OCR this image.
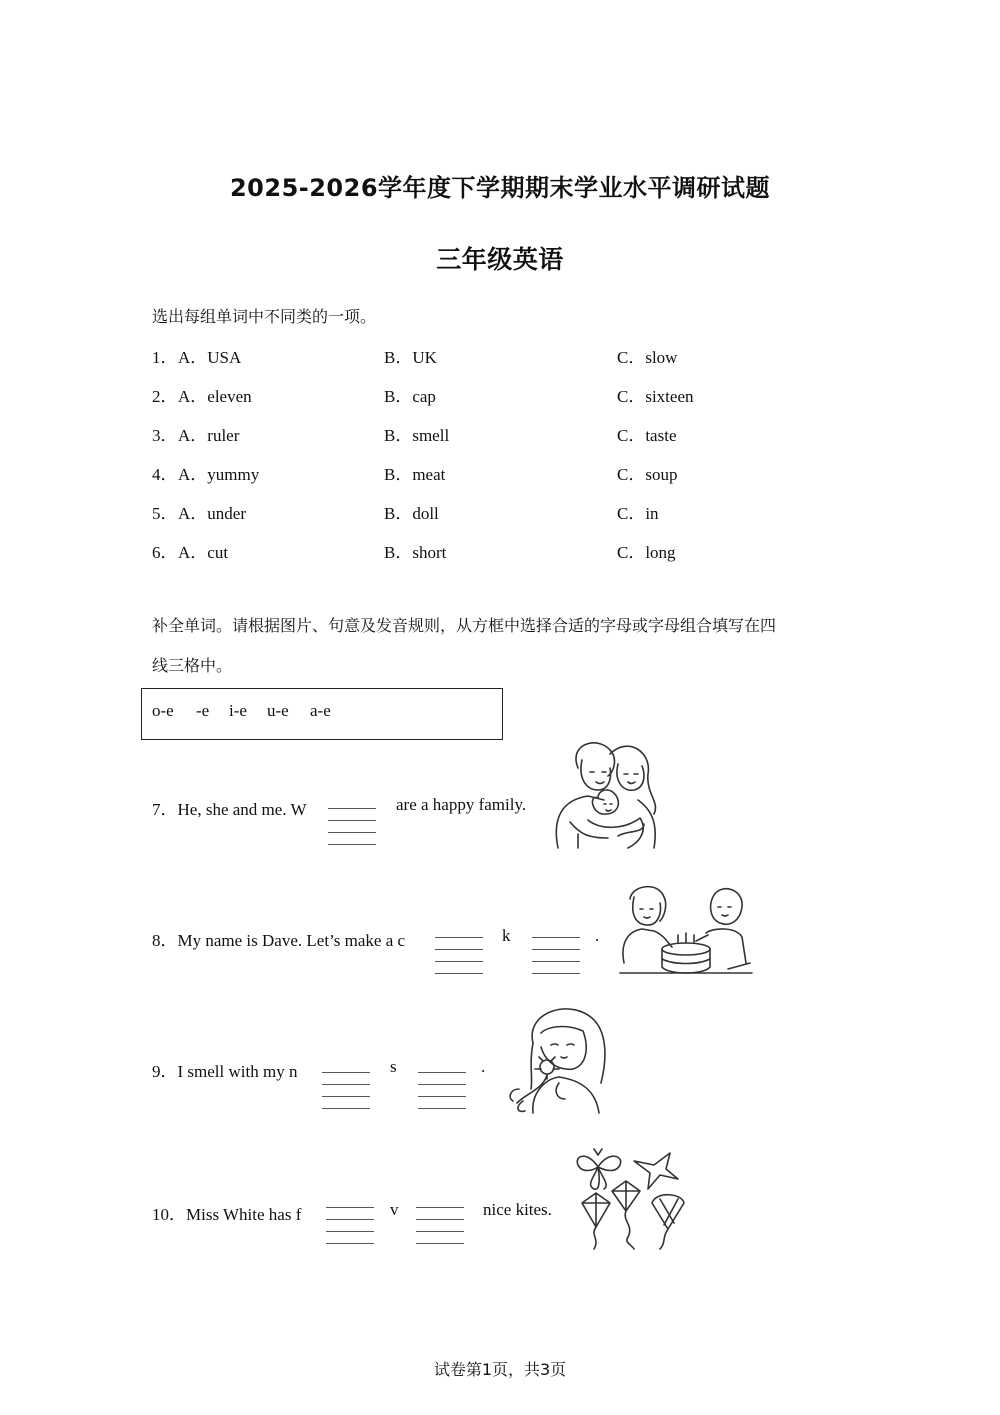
2025-2026学年度下学期期末学业水平调研试题
三年级英语
选出每组单词中不同类的一项。
1． A．USA	B．UK	C．slow
2． A．eleven	B．cap	C．sixteen
3． A．ruler	B．smell	C．taste
4． A．yummy	B．meat	C．soup
5． A．under	B．doll	C．in
6． A．cut	B．short	C．long
补全单词。请根据图片、句意及发音规则，从方框中选择合适的字母或字母组合填写在四
线三格中。
o-e -e i-e u-e a-e
7．He, she and me. W	are a happy family.
8．My name is Dave. Let’s make a c	k	.
9．I smell with my n	s	.
10．Miss White has f	v	nice kites.
试卷第1页，共3页
